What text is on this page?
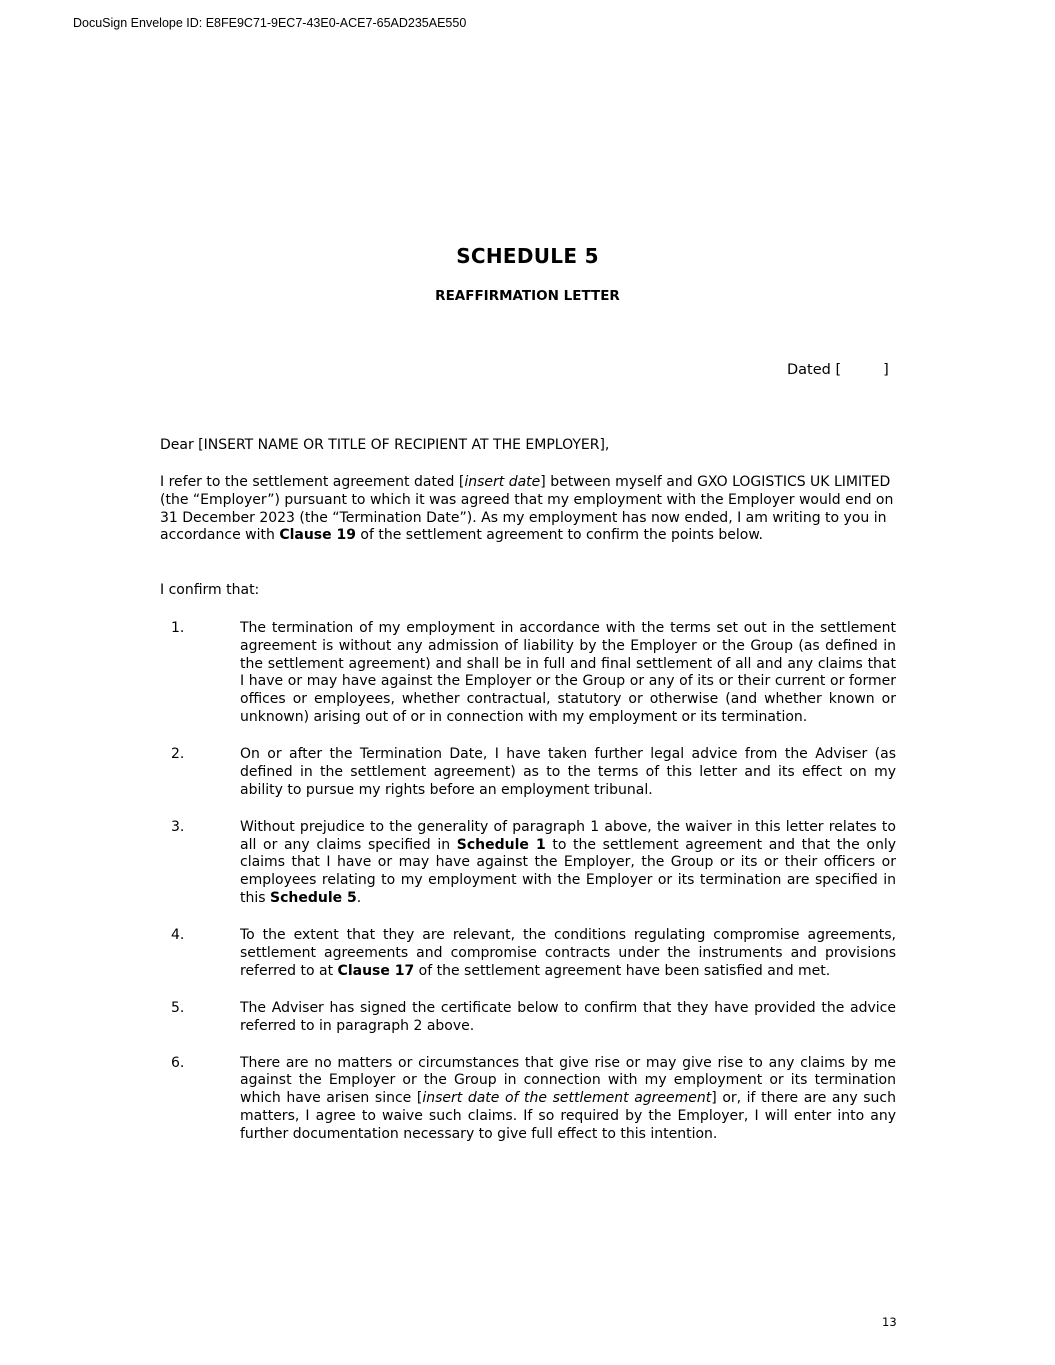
DocuSign Envelope ID: E8FE9C71-9EC7-43E0-ACE7-65AD235AE550
SCHEDULE 5
REAFFIRMATION LETTER
Dated [	]
Dear [INSERT NAME OR TITLE OF RECIPIENT AT THE EMPLOYER],
I refer to the settlement agreement dated [insert date] between myself and GXO LOGISTICS UK LIMITED (the “Employer”) pursuant to which it was agreed that my employment with the Employer would end on 31 December 2023 (the “Termination Date”). As my employment has now ended, I am writing to you in accordance with Clause 19 of the settlement agreement to confirm the points below.
I confirm that:
1.	The termination of my employment in accordance with the terms set out in the settlement agreement is without any admission of liability by the Employer or the Group (as defined in the settlement agreement) and shall be in full and final settlement of all and any claims that I have or may have against the Employer or the Group or any of its or their current or former offices or employees, whether contractual, statutory or otherwise (and whether known or unknown) arising out of or in connection with my employment or its termination.
2.	On or after the Termination Date, I have taken further legal advice from the Adviser (as defined in the settlement agreement) as to the terms of this letter and its effect on my ability to pursue my rights before an employment tribunal.
3.	Without prejudice to the generality of paragraph 1 above, the waiver in this letter relates to all or any claims specified in Schedule 1 to the settlement agreement and that the only claims that I have or may have against the Employer, the Group or its or their officers or employees relating to my employment with the Employer or its termination are specified in this Schedule 5.
4.	To the extent that they are relevant, the conditions regulating compromise agreements, settlement agreements and compromise contracts under the instruments and provisions referred to at Clause 17 of the settlement agreement have been satisfied and met.
5.	The Adviser has signed the certificate below to confirm that they have provided the advice referred to in paragraph 2 above.
6.	There are no matters or circumstances that give rise or may give rise to any claims by me against the Employer or the Group in connection with my employment or its termination which have arisen since [insert date of the settlement agreement] or, if there are any such matters, I agree to waive such claims. If so required by the Employer, I will enter into any further documentation necessary to give full effect to this intention.
13
